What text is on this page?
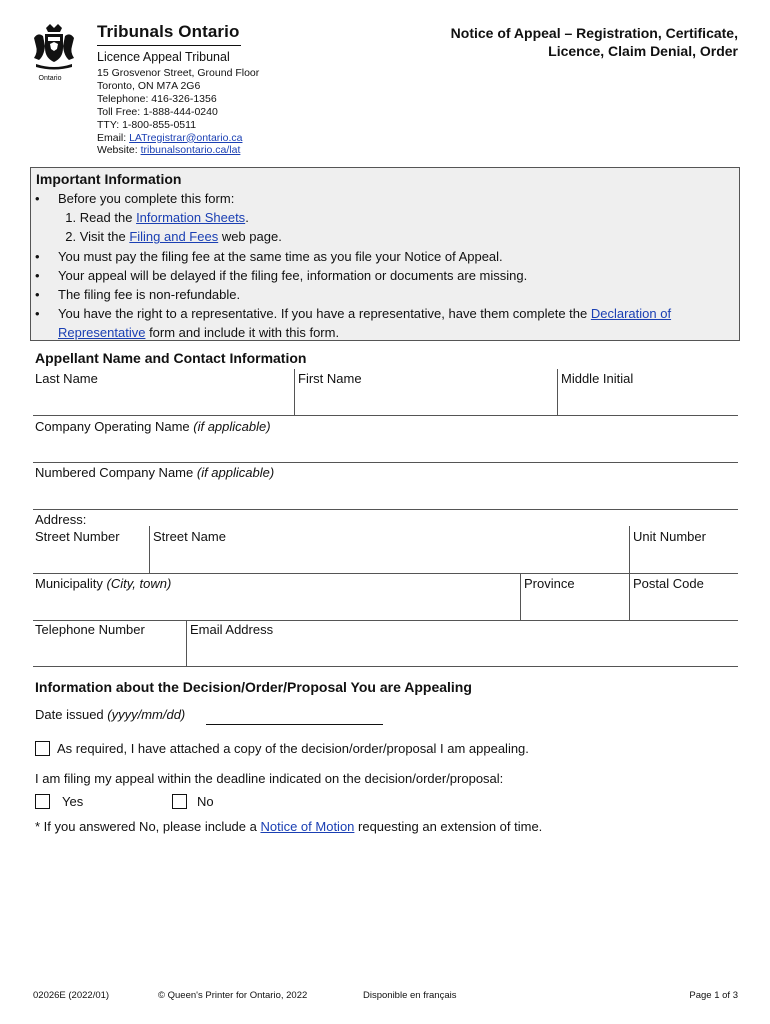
Ontario
Tribunals Ontario
Licence Appeal Tribunal
15 Grosvenor Street, Ground Floor
Toronto, ON M7A 2G6
Telephone: 416-326-1356
Toll Free: 1-888-444-0240
TTY: 1-800-855-0511
Email: LATregistrar@ontario.ca
Website: tribunalsontario.ca/lat
Notice of Appeal – Registration, Certificate,
Licence, Claim Denial, Order
Important Information
• Before you complete this form:
1. Read the Information Sheets.
2. Visit the Filing and Fees web page.
• You must pay the filing fee at the same time as you file your Notice of Appeal.
• Your appeal will be delayed if the filing fee, information or documents are missing.
• The filing fee is non-refundable.
• You have the right to a representative. If you have a representative, have them complete the Declaration of
Representative form and include it with this form.
Appellant Name and Contact Information
Last Name	First Name	Middle Initial
Company Operating Name (if applicable)
Numbered Company Name (if applicable)
Address:
Street Number	Street Name	Unit Number
Municipality (City, town)	Province	Postal Code
Telephone Number	Email Address
Information about the Decision/Order/Proposal You are Appealing
Date issued (yyyy/mm/dd)
As required, I have attached a copy of the decision/order/proposal I am appealing.
I am filing my appeal within the deadline indicated on the decision/order/proposal:
Yes	No
* If you answered No, please include a Notice of Motion requesting an extension of time.
02026E (2022/01)	© Queen's Printer for Ontario, 2022	Disponible en français	Page 1 of 3
